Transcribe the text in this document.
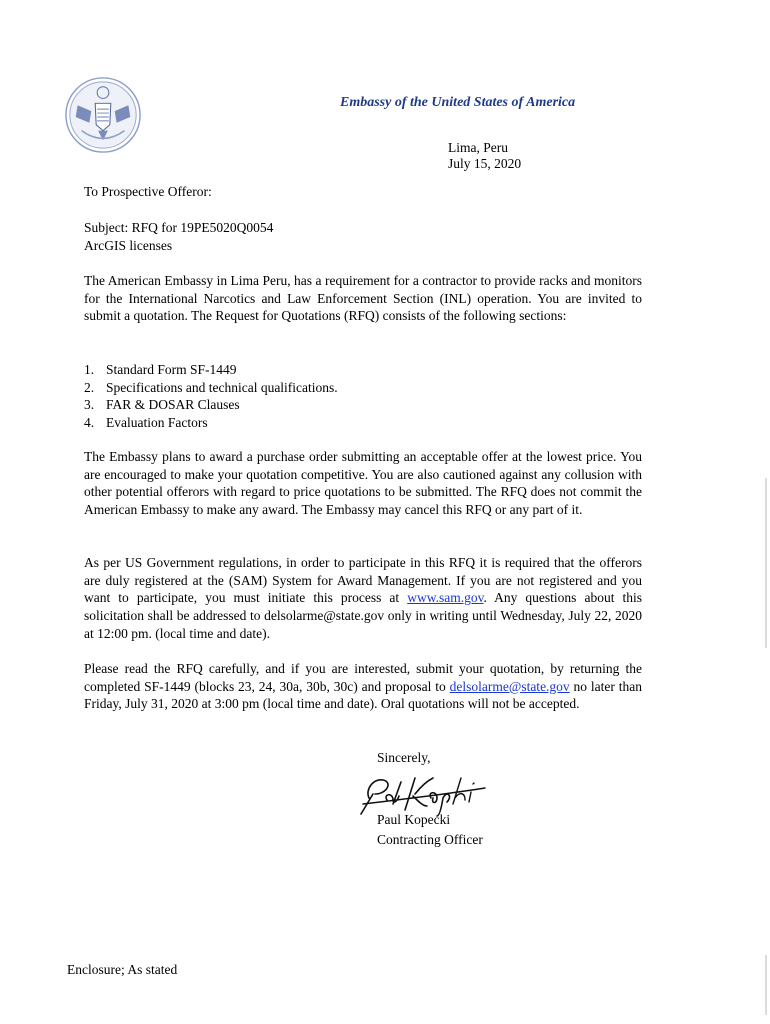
Embassy of the United States of America
Lima, Peru
July 15, 2020
To Prospective Offeror:
Subject: RFQ for 19PE5020Q0054
ArcGIS licenses

The American Embassy in Lima Peru, has a requirement for a contractor to provide racks and monitors for the International Narcotics and Law Enforcement Section (INL) operation. You are invited to submit a quotation. The Request for Quotations (RFQ) consists of the following sections:

1. Standard Form SF-1449
2. Specifications and technical qualifications.
3. FAR & DOSAR Clauses
4. Evaluation Factors

The Embassy plans to award a purchase order submitting an acceptable offer at the lowest price. You are encouraged to make your quotation competitive. You are also cautioned against any collusion with other potential offerors with regard to price quotations to be submitted. The RFQ does not commit the American Embassy to make any award. The Embassy may cancel this RFQ or any part of it.

As per US Government regulations, in order to participate in this RFQ it is required that the offerors are duly registered at the (SAM) System for Award Management. If you are not registered and you want to participate, you must initiate this process at www.sam.gov. Any questions about this solicitation shall be addressed to delsolarme@state.gov only in writing until Wednesday, July 22, 2020 at 12:00 pm. (local time and date).

Please read the RFQ carefully, and if you are interested, submit your quotation, by returning the completed SF-1449 (blocks 23, 24, 30a, 30b, 30c) and proposal to delsolarme@state.gov no later than Friday, July 31, 2020 at 3:00 pm (local time and date). Oral quotations will not be accepted.

Sincerely,
Paul Kopecki
Contracting Officer
Enclosure; As stated
